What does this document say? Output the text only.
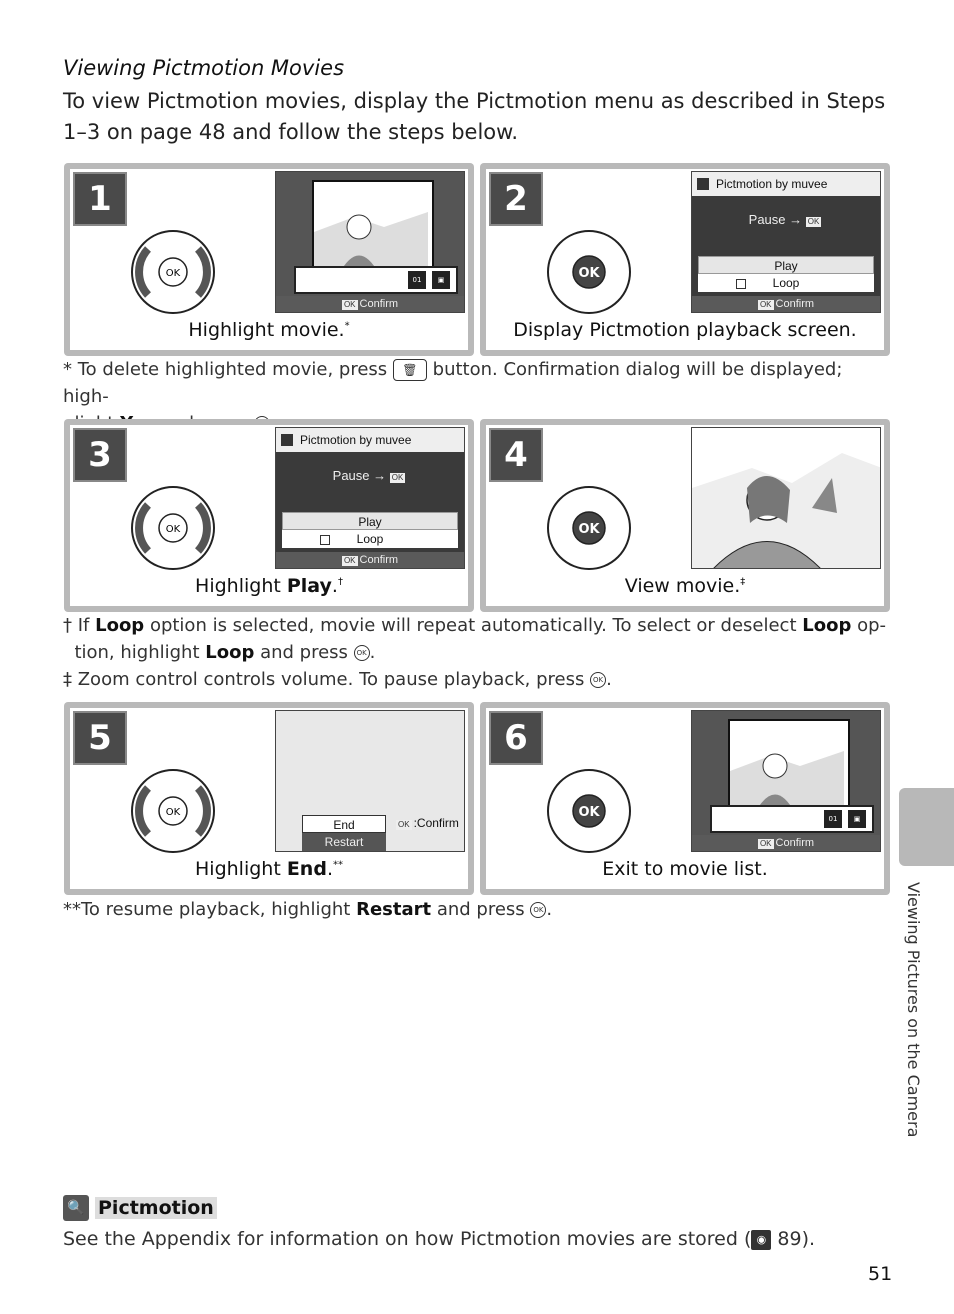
Viewing Pictmotion Movies
To view Pictmotion movies, display the Pictmotion menu as described in Steps 1–3 on page 48 and follow the steps below.
1
OK
01	▣
OK Confirm
Highlight movie.*
2
OK
Pictmotion by muvee
Pause → OK
Play
Loop
OK Confirm
Display Pictmotion playback screen.
* To delete highlighted movie, press 🗑 button. Confirmation dialog will be displayed; high-

3
OK
Pictmotion by muvee
Pause → OK
Play
Loop
OK Confirm
Highlight Play.†
4
OK
View movie.‡
† If Loop option is selected, movie will repeat automatically. To select or deselect Loop op-
tion, highlight Loop and press OK .
‡ Zoom control controls volume. To pause playback, press OK .
5
OK
End
Restart
OK :Confirm
Highlight End.**
6
OK	01	▣
OK Confirm
Exit to movie list.
**To resume playback, highlight Restart and press OK .	Viewing Pictures on the Camera
🔍 Pictmotion
See the Appendix for information on how Pictmotion movies are stored ( ◉ 89).
51
